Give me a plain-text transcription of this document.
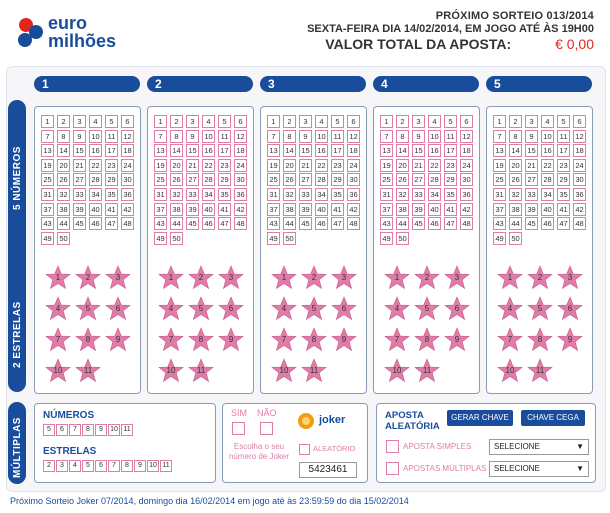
euro
milhões
PRÓXIMO SORTEIO 013/2014
SEXTA-FEIRA DIA 14/02/2014, EM JOGO ATÉ ÀS 19H00
VALOR TOTAL DA APOSTA:	€ 0,00
5 NÚMEROS
2 ESTRELAS
+
MÚLTIPLAS
1
1	2	3	4	5	6
7	8	9	10	11	12
13	14	15	16	17	18
19	20	21	22	23	24
25	26	27	28	29	30
31	32	33	34	35	36
37	38	39	40	41	42
43	44	45	46	47	48
49	50
1	2	3
4	5	6
7	8	9
10	11
2
1	2	3	4	5	6
7	8	9	10	11	12
13	14	15	16	17	18
19	20	21	22	23	24
25	26	27	28	29	30
31	32	33	34	35	36
37	38	39	40	41	42
43	44	45	46	47	48
49	50
1	2	3
4	5	6
7	8	9
10	11
3
1	2	3	4	5	6
7	8	9	10	11	12
13	14	15	16	17	18
19	20	21	22	23	24
25	26	27	28	29	30
31	32	33	34	35	36
37	38	39	40	41	42
43	44	45	46	47	48
49	50
1	2	3
4	5	6
7	8	9
10	11
4
1	2	3	4	5	6
7	8	9	10	11	12
13	14	15	16	17	18
19	20	21	22	23	24
25	26	27	28	29	30
31	32	33	34	35	36
37	38	39	40	41	42
43	44	45	46	47	48
49	50
1	2	3
4	5	6
7	8	9
10	11
5
1	2	3	4	5	6
7	8	9	10	11	12
13	14	15	16	17	18
19	20	21	22	23	24
25	26	27	28	29	30
31	32	33	34	35	36
37	38	39	40	41	42
43	44	45	46	47	48
49	50
1	2	3
4	5	6
7	8	9
10	11
NÚMEROS
5	6	7	8	9	10 11
ESTRELAS
2	3	4	5	6	7	8	9	10 11
SIM NÃO
joker
Escolha o seu número de Joker
ALEATÓRIO
5423461
APOSTA ALEATÓRIA
GERAR CHAVE	CHAVE CEGA
APOSTA SIMPLES	SELECIONE	▼
APOSTAS MÚLTIPLAS SELECIONE	▼
Próximo Sorteio Joker 07/2014, domingo dia 16/02/2014 em jogo até às 23:59:59 do dia 15/02/2014
